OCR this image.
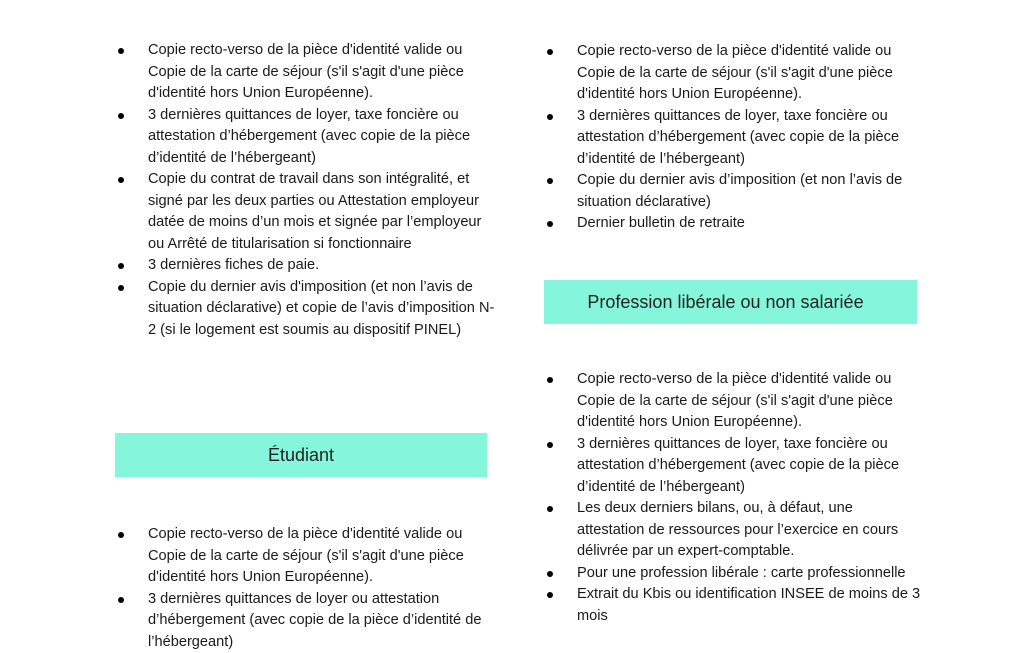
Copie recto-verso de la pièce d'identité valide ou Copie de la carte de séjour (s'il s'agit d'une pièce d'identité hors Union Européenne).
3 dernières quittances de loyer, taxe foncière ou attestation d’hébergement (avec copie de la pièce d’identité de l’hébergeant)
Copie du contrat de travail dans son intégralité, et signé par les deux parties ou Attestation employeur datée de moins d’un mois et signée par l’employeur ou Arrêté de titularisation si fonctionnaire
3 dernières fiches de paie.
Copie du dernier avis d'imposition (et non l’avis de situation déclarative) et copie de l’avis d’imposition N-2 (si le logement est soumis au dispositif PINEL)
Étudiant
Copie recto-verso de la pièce d'identité valide ou Copie de la carte de séjour (s'il s'agit d'une pièce d'identité hors Union Européenne).
3 dernières quittances de loyer ou attestation d’hébergement (avec copie de la pièce d’identité de l’hébergeant)
Copie recto-verso de la pièce d'identité valide ou Copie de la carte de séjour (s'il s'agit d'une pièce d'identité hors Union Européenne).
3 dernières quittances de loyer, taxe foncière ou attestation d’hébergement (avec copie de la pièce d’identité de l’hébergeant)
Copie du dernier avis d’imposition (et non l’avis de situation déclarative)
Dernier bulletin de retraite
Profession libérale ou non salariée
Copie recto-verso de la pièce d'identité valide ou Copie de la carte de séjour (s'il s'agit d'une pièce d'identité hors Union Européenne).
3 dernières quittances de loyer, taxe foncière ou attestation d’hébergement (avec copie de la pièce d’identité de l’hébergeant)
Les deux derniers bilans, ou, à défaut, une attestation de ressources pour l’exercice en cours délivrée par un expert-comptable.
Pour une profession libérale : carte professionnelle
Extrait du Kbis ou identification INSEE de moins de 3 mois
